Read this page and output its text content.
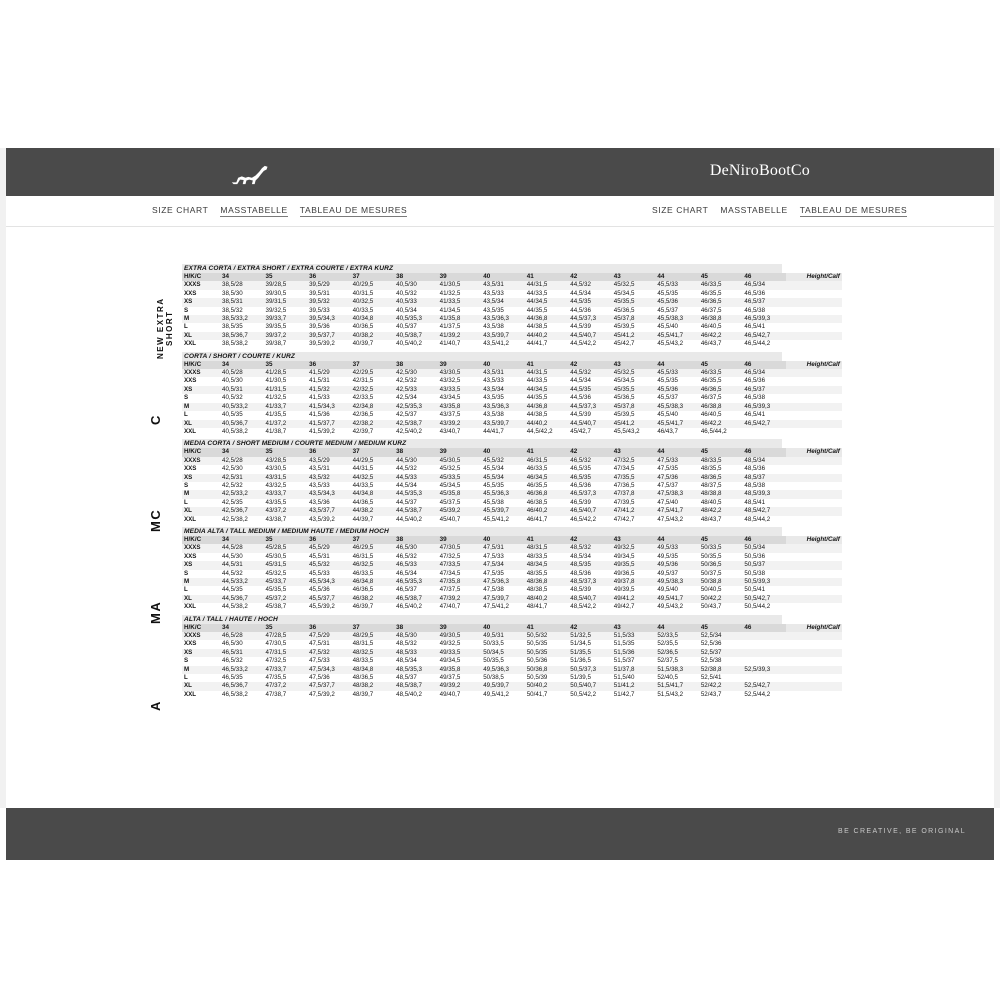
DeNiroBootCo
SIZE CHART MASSTABELLE TABLEAU DE MESURES	SIZE CHART MASSTABELLE TABLEAU DE MESURES
NEW EXTRA SHORT
C
MC
MA
A
EXTRA CORTA / EXTRA SHORT / EXTRA COURTE / EXTRA KURZ
H/K/C	34	35	36	37	38	39	40	41	42	43	44	45	46	Height/Calf
XXXS	38,5/28	39/28,5	39,5/29	40/29,5	40,5/30	41/30,5	43,5/31	44/31,5	44,5/32	45/32,5	45,5/33	46/33,5	46,5/34	
XXS	38,5/30	39/30,5	39,5/31	40/31,5	40,5/32	41/32,5	43,5/33	44/33,5	44,5/34	45/34,5	45,5/35	46/35,5	46,5/36	
XS	38,5/31	39/31,5	39,5/32	40/32,5	40,5/33	41/33,5	43,5/34	44/34,5	44,5/35	45/35,5	45,5/36	46/36,5	46,5/37	
S	38,5/32	39/32,5	39,5/33	40/33,5	40,5/34	41/34,5	43,5/35	44/35,5	44,5/36	45/36,5	45,5/37	46/37,5	46,5/38	
M	38,5/33,2	39/33,7	39,5/34,3	40/34,8	40,5/35,3	41/35,8	43,5/36,3	44/36,8	44,5/37,3	45/37,8	45,5/38,3	46/38,8	46,5/39,3	
L	38,5/35	39/35,5	39,5/36	40/36,5	40,5/37	41/37,5	43,5/38	44/38,5	44,5/39	45/39,5	45,5/40	46/40,5	46,5/41	
XL	38,5/36,7	39/37,2	39,5/37,7	40/38,2	40,5/38,7	41/39,2	43,5/39,7	44/40,2	44,5/40,7	45/41,2	45,5/41,7	46/42,2	46,5/42,7	
XXL	38,5/38,2	39/38,7	39,5/39,2	40/39,7	40,5/40,2	41/40,7	43,5/41,2	44/41,7	44,5/42,2	45/42,7	45,5/43,2	46/43,7	46,5/44,2	
CORTA / SHORT / COURTE / KURZ
H/K/C	34	35	36	37	38	39	40	41	42	43	44	45	46	Height/Calf
XXXS	40,5/28	41/28,5	41,5/29	42/29,5	42,5/30	43/30,5	43,5/31	44/31,5	44,5/32	45/32,5	45,5/33	46/33,5	46,5/34	
XXS	40,5/30	41/30,5	41,5/31	42/31,5	42,5/32	43/32,5	43,5/33	44/33,5	44,5/34	45/34,5	45,5/35	46/35,5	46,5/36	
XS	40,5/31	41/31,5	41,5/32	42/32,5	42,5/33	43/33,5	43,5/34	44/34,5	44,5/35	45/35,5	45,5/36	46/36,5	46,5/37	
S	40,5/32	41/32,5	41,5/33	42/33,5	42,5/34	43/34,5	43,5/35	44/35,5	44,5/36	45/36,5	45,5/37	46/37,5	46,5/38	
M	40,5/33,2	41/33,7	41,5/34,3	42/34,8	42,5/35,3	43/35,8	43,5/36,3	44/36,8	44,5/37,3	45/37,8	45,5/38,3	46/38,8	46,5/39,3	
L	40,5/35	41/35,5	41,5/36	42/36,5	42,5/37	43/37,5	43,5/38	44/38,5	44,5/39	45/39,5	45,5/40	46/40,5	46,5/41	
XL	40,5/36,7	41/37,2	41,5/37,7	42/38,2	42,5/38,7	43/39,2	43,5/39,7	44/40,2	44,5/40,7	45/41,2	45,5/41,7	46/42,2	46,5/42,7	
XXL	40,5/38,2	41/38,7	41,5/39,2	42/39,7	42,5/40,2	43/40,7	44/41,7	44,5/42,2	45/42,7	45,5/43,2	46/43,7	46,5/44,2		
MEDIA CORTA / SHORT MEDIUM / COURTE MEDIUM / MEDIUM KURZ
H/K/C	34	35	36	37	38	39	40	41	42	43	44	45	46	Height/Calf
XXXS	42,5/28	43/28,5	43,5/29	44/29,5	44,5/30	45/30,5	45,5/32	46/31,5	46,5/32	47/32,5	47,5/33	48/33,5	48,5/34	
XXS	42,5/30	43/30,5	43,5/31	44/31,5	44,5/32	45/32,5	45,5/34	46/33,5	46,5/35	47/34,5	47,5/35	48/35,5	48,5/36	
XS	42,5/31	43/31,5	43,5/32	44/32,5	44,5/33	45/33,5	45,5/34	46/34,5	46,5/35	47/35,5	47,5/36	48/36,5	48,5/37	
S	42,5/32	43/32,5	43,5/33	44/33,5	44,5/34	45/34,5	45,5/35	46/35,5	46,5/36	47/36,5	47,5/37	48/37,5	48,5/38	
M	42,5/33,2	43/33,7	43,5/34,3	44/34,8	44,5/35,3	45/35,8	45,5/36,3	46/36,8	46,5/37,3	47/37,8	47,5/38,3	48/38,8	48,5/39,3	
L	42,5/35	43/35,5	43,5/36	44/36,5	44,5/37	45/37,5	45,5/38	46/38,5	46,5/39	47/39,5	47,5/40	48/40,5	48,5/41	
XL	42,5/36,7	43/37,2	43,5/37,7	44/38,2	44,5/38,7	45/39,2	45,5/39,7	46/40,2	46,5/40,7	47/41,2	47,5/41,7	48/42,2	48,5/42,7	
XXL	42,5/38,2	43/38,7	43,5/39,2	44/39,7	44,5/40,2	45/40,7	45,5/41,2	46/41,7	46,5/42,2	47/42,7	47,5/43,2	48/43,7	48,5/44,2	
MEDIA ALTA / TALL MEDIUM / MEDIUM HAUTE / MEDIUM HOCH
H/K/C	34	35	36	37	38	39	40	41	42	43	44	45	46	Height/Calf
XXXS	44,5/28	45/28,5	45,5/29	46/29,5	46,5/30	47/30,5	47,5/31	48/31,5	48,5/32	49/32,5	49,5/33	50/33,5	50,5/34	
XXS	44,5/30	45/30,5	45,5/31	46/31,5	46,5/32	47/32,5	47,5/33	48/33,5	48,5/34	49/34,5	49,5/35	50/35,5	50,5/36	
XS	44,5/31	45/31,5	45,5/32	46/32,5	46,5/33	47/33,5	47,5/34	48/34,5	48,5/35	49/35,5	49,5/36	50/36,5	50,5/37	
S	44,5/32	45/32,5	45,5/33	46/33,5	46,5/34	47/34,5	47,5/35	48/35,5	48,5/36	49/36,5	49,5/37	50/37,5	50,5/38	
M	44,5/33,2	45/33,7	45,5/34,3	46/34,8	46,5/35,3	47/35,8	47,5/36,3	48/36,8	48,5/37,3	49/37,8	49,5/38,3	50/38,8	50,5/39,3	
L	44,5/35	45/35,5	45,5/36	46/36,5	46,5/37	47/37,5	47,5/38	48/38,5	48,5/39	49/39,5	49,5/40	50/40,5	50,5/41	
XL	44,5/36,7	45/37,2	45,5/37,7	46/38,2	46,5/38,7	47/39,2	47,5/39,7	48/40,2	48,5/40,7	49/41,2	49,5/41,7	50/42,2	50,5/42,7	
XXL	44,5/38,2	45/38,7	45,5/39,2	46/39,7	46,5/40,2	47/40,7	47,5/41,2	48/41,7	48,5/42,2	49/42,7	49,5/43,2	50/43,7	50,5/44,2	
ALTA / TALL / HAUTE / HOCH
H/K/C	34	35	36	37	38	39	40	41	42	43	44	45	46	Height/Calf
XXXS	46,5/28	47/28,5	47,5/29	48/29,5	48,5/30	49/30,5	49,5/31	50,5/32	51/32,5	51,5/33	52/33,5	52,5/34		
XXS	46,5/30	47/30,5	47,5/31	48/31,5	48,5/32	49/32,5	50/33,5	50,5/35	51/34,5	51,5/35	52/35,5	52,5/36		
XS	46,5/31	47/31,5	47,5/32	48/32,5	48,5/33	49/33,5	50/34,5	50,5/35	51/35,5	51,5/36	52/36,5	52,5/37		
S	46,5/32	47/32,5	47,5/33	48/33,5	48,5/34	49/34,5	50/35,5	50,5/36	51/36,5	51,5/37	52/37,5	52,5/38		
M	46,5/33,2	47/33,7	47,5/34,3	48/34,8	48,5/35,3	49/35,8	49,5/36,3	50/36,8	50,5/37,3	51/37,8	51,5/38,3	52/38,8	52,5/39,3	
L	46,5/35	47/35,5	47,5/36	48/36,5	48,5/37	49/37,5	50/38,5	50,5/39	51/39,5	51,5/40	52/40,5	52,5/41		
XL	46,5/36,7	47/37,2	47,5/37,7	48/38,2	48,5/38,7	49/39,2	49,5/39,7	50/40,2	50,5/40,7	51/41,2	51,5/41,7	52/42,2	52,5/42,7	
XXL	46,5/38,2	47/38,7	47,5/39,2	48/39,7	48,5/40,2	49/40,7	49,5/41,2	50/41,7	50,5/42,2	51/42,7	51,5/43,2	52/43,7	52,5/44,2	
BE CREATIVE, BE ORIGINAL
